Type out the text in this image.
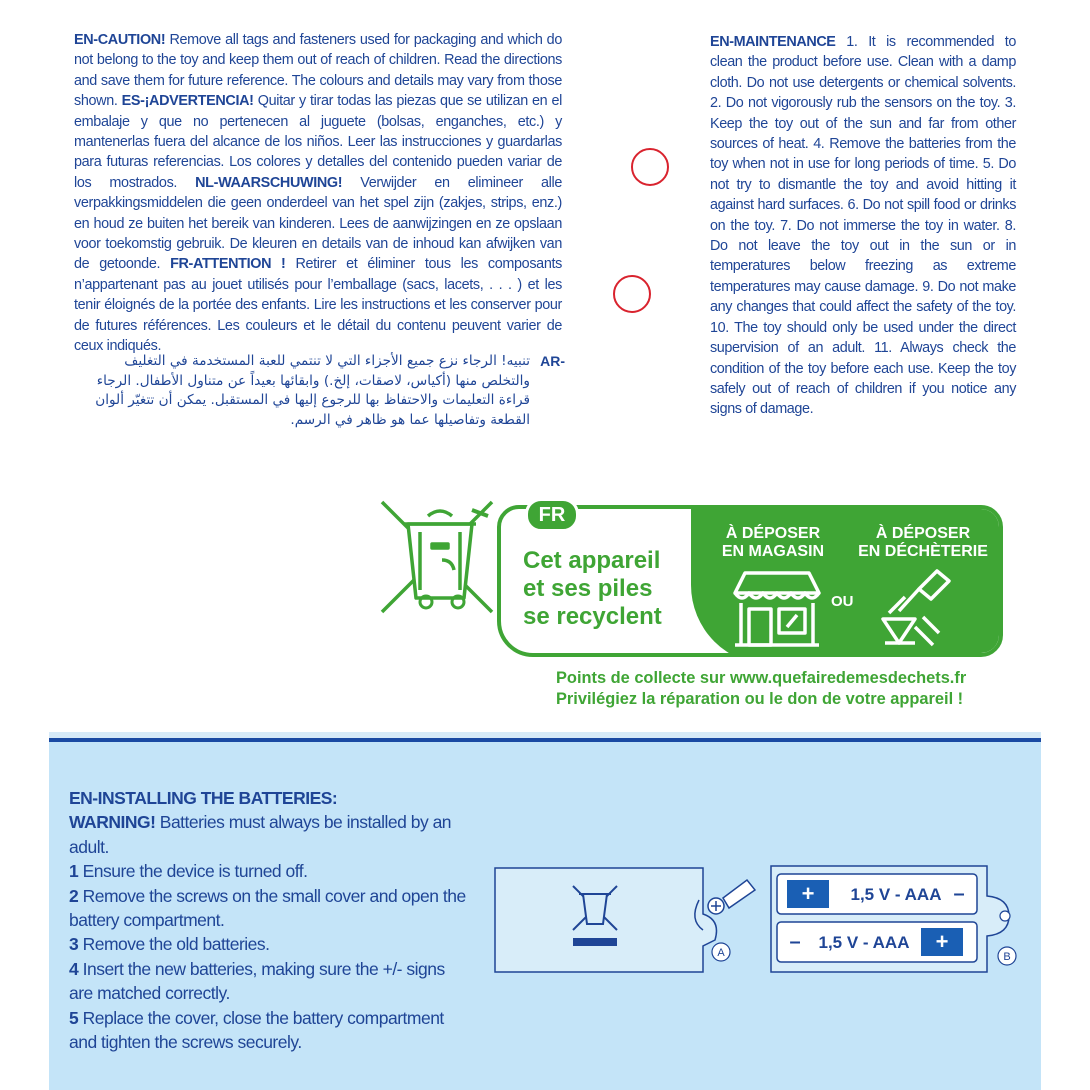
EN-CAUTION! Remove all tags and fasteners used for packaging and which do not belong to the toy and keep them out of reach of children. Read the directions and save them for future reference. The colours and details may vary from those shown. ES-¡ADVERTENCIA! Quitar y tirar todas las piezas que se utilizan en el embalaje y que no pertenecen al juguete (bolsas, enganches, etc.) y mantenerlas fuera del alcance de los niños. Leer las instrucciones y guardarlas para futuras referencias. Los colores y detalles del contenido pueden variar de los mostrados. NL-WAARSCHUWING! Verwijder en elimineer alle verpakkingsmiddelen die geen onderdeel van het spel zijn (zakjes, strips, enz.) en houd ze buiten het bereik van kinderen. Lees de aanwijzingen en ze opslaan voor toekomstig gebruik. De kleuren en details van de inhoud kan afwijken van de getoonde. FR-ATTENTION ! Retirer et éliminer tous les composants n’appartenant pas au jouet utilisés pour l’emballage (sacs, lacets, . . . ) et les tenir éloignés de la portée des enfants. Lire les instructions et les conserver pour de futures références. Les couleurs et le détail du contenu peuvent varier de ceux indiqués.
AR-
تنبيه! الرجاء نزع جميع الأجزاء التي لا تنتمي للعبة المستخدمة في التغليف والتخلص منها (أكياس، لاصقات، إلخ.) وابقائها بعيداً عن متناول الأطفال. الرجاء قراءة التعليمات والاحتفاظ بها للرجوع إليها في المستقبل. يمكن أن تتغيّر ألوان القطعة وتفاصيلها عما هو ظاهر في الرسم.
EN-MAINTENANCE 1. It is recommended to clean the product before use. Clean with a damp cloth. Do not use detergents or chemical solvents. 2. Do not vigorously rub the sensors on the toy. 3. Keep the toy out of the sun and far from other sources of heat. 4. Remove the batteries from the toy when not in use for long periods of time. 5. Do not try to dismantle the toy and avoid hitting it against hard surfaces. 6. Do not spill food or drinks on the toy. 7. Do not immerse the toy in water. 8. Do not leave the toy out in the sun or in temperatures below freezing as extreme temperatures may cause damage. 9. Do not make any changes that could affect the safety of the toy. 10. The toy should only be used under the direct supervision of an adult. 11. Always check the condition of the toy before each use. Keep the toy safely out of reach of children if you notice any signs of damage.
Cet appareil
et ses piles
se recyclent
À DÉPOSER
EN MAGASIN
À DÉPOSER
EN DÉCHÈTERIE
OU
FR
Points de collecte sur www.quefairedemesdechets.fr
Privilégiez la réparation ou le don de votre appareil !
EN-INSTALLING THE BATTERIES:
WARNING! Batteries must always be installed by an adult.
1 Ensure the device is turned off.
2 Remove the screws on the small cover and open the battery compartment.
3 Remove the old batteries.
4 Insert the new batteries, making sure the +/- signs are matched correctly.
5 Replace the cover, close the battery compartment and tighten the screws securely.
A	B
+ 1,5 V - AAA –
– 1,5 V - AAA +
